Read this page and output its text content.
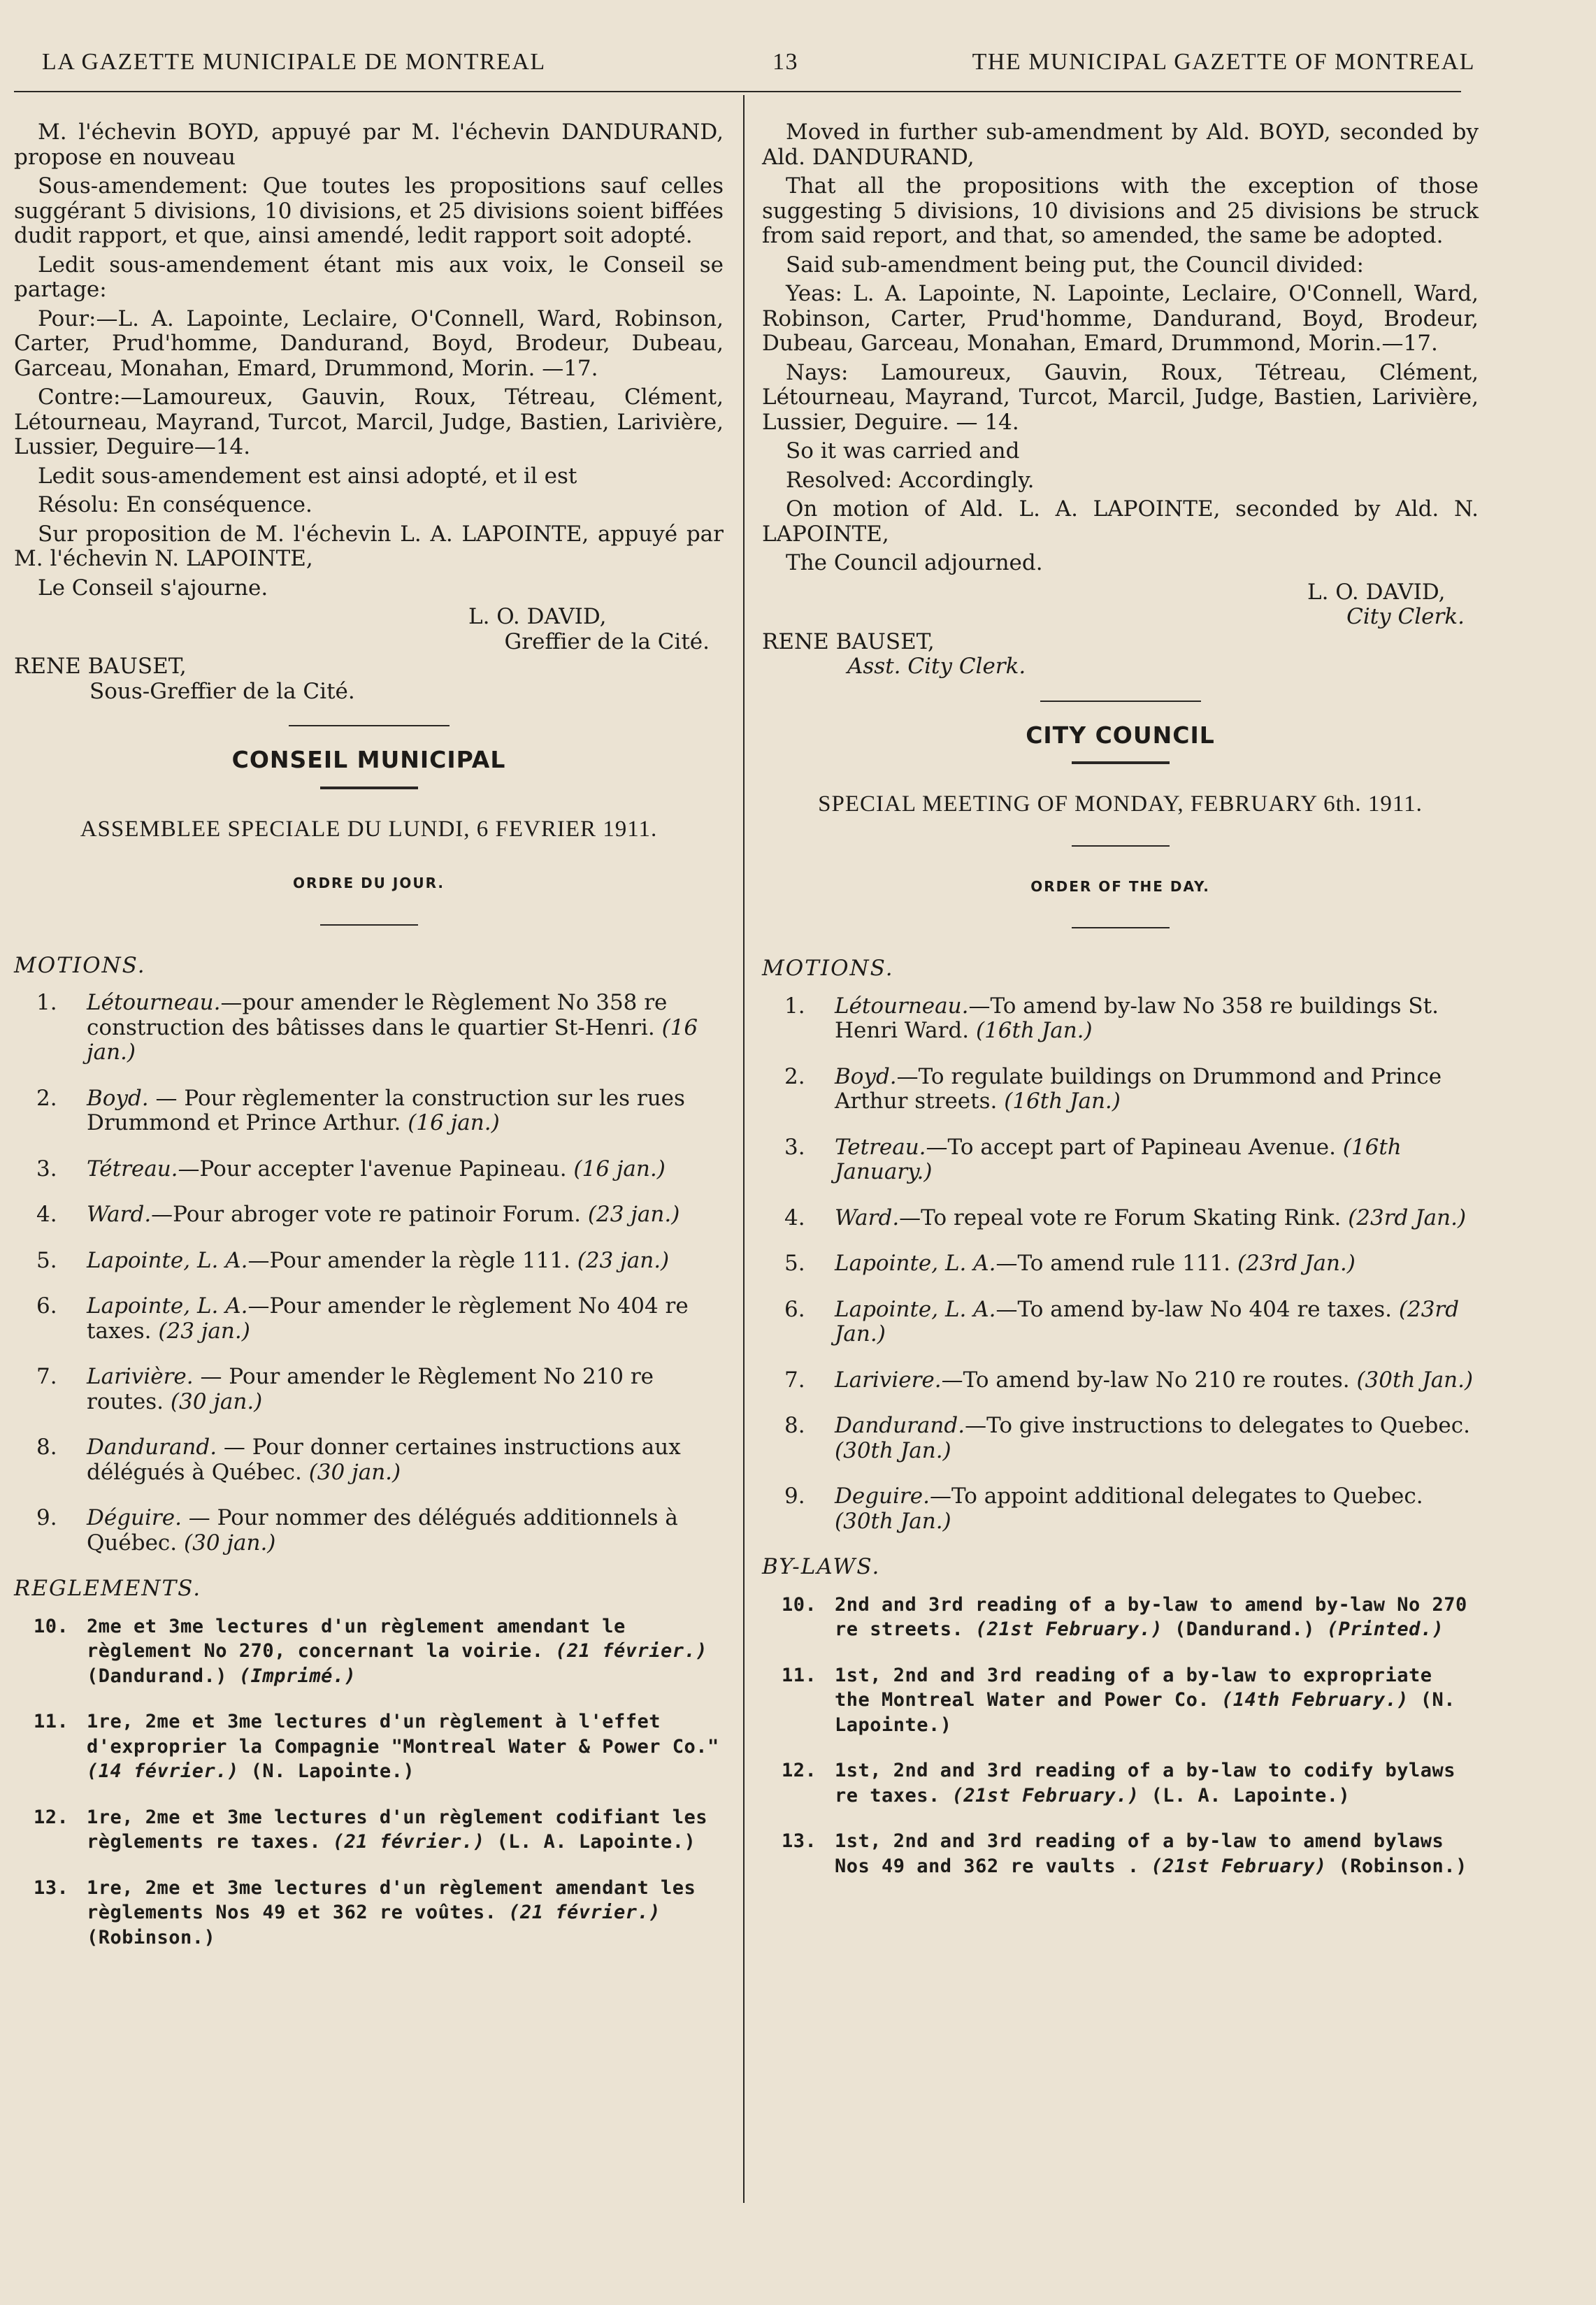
LA GAZETTE MUNICIPALE DE MONTREAL	13	THE MUNICIPAL GAZETTE OF MONTREAL

M. l'échevin BOYD, appuyé par M. l'échevin DANDURAND, propose en nouveau

Sous-amendement: Que toutes les propositions sauf celles suggérant 5 divisions, 10 divisions, et 25 divisions soient biffées dudit rapport, et que, ainsi amendé, ledit rapport soit adopté.

Ledit sous-amendement étant mis aux voix, le Conseil se partage:

Pour:—L. A. Lapointe, Leclaire, O'Connell, Ward, Robinson, Carter, Prud'homme, Dandurand, Boyd, Brodeur, Dubeau, Garceau, Monahan, Emard, Drummond, Morin. —17.

Contre:—Lamoureux, Gauvin, Roux, Tétreau, Clément, Létourneau, Mayrand, Turcot, Marcil, Judge, Bastien, Larivière, Lussier, Deguire—14.

Ledit sous-amendement est ainsi adopté, et il est

Résolu: En conséquence.

Sur proposition de M. l'échevin L. A. LAPOINTE, appuyé par M. l'échevin N. LAPOINTE,

Le Conseil s'ajourne.

L. O. DAVID,
Greffier de la Cité.
RENE BAUSET,
Sous-Greffier de la Cité.
CONSEIL MUNICIPAL
ASSEMBLEE SPECIALE DU LUNDI, 6 FEVRIER 1911.
ORDRE DU JOUR.
MOTIONS.
1. Létourneau.—pour amender le Règlement No 358 re construction des bâtisses dans le quartier St-Henri. (16 jan.)
2. Boyd. — Pour règlementer la construction sur les rues Drummond et Prince Arthur. (16 jan.)
3. Tétreau.—Pour accepter l'avenue Papineau. (16 jan.)
4. Ward.—Pour abroger vote re patinoir Forum. (23 jan.)
5. Lapointe, L. A.—Pour amender la règle 111. (23 jan.)
6. Lapointe, L. A.—Pour amender le règlement No 404 re taxes. (23 jan.)
7. Larivière. — Pour amender le Règlement No 210 re routes. (30 jan.)
8. Dandurand. — Pour donner certaines instructions aux délégués à Québec. (30 jan.)
9. Déguire. — Pour nommer des délégués additionnels à Québec. (30 jan.)
REGLEMENTS.
10. 2me et 3me lectures d'un règlement amendant le règlement No 270, concernant la voirie. (21 février.) (Dandurand.) (Imprimé.)
11. 1re, 2me et 3me lectures d'un règlement à l'effet d'exproprier la Compagnie "Montreal Water & Power Co." (14 février.) (N. Lapointe.)
12. 1re, 2me et 3me lectures d'un règlement codifiant les règlements re taxes. (21 février.) (L. A. Lapointe.)
13. 1re, 2me et 3me lectures d'un règlement amendant les règlements Nos 49 et 362 re voûtes. (21 février.) (Robinson.)

Moved in further sub-amendment by Ald. BOYD, seconded by Ald. DANDURAND,

That all the propositions with the exception of those suggesting 5 divisions, 10 divisions and 25 divisions be struck from said report, and that, so amended, the same be adopted.

Said sub-amendment being put, the Council divided:

Yeas: L. A. Lapointe, N. Lapointe, Leclaire, O'Connell, Ward, Robinson, Carter, Prud'homme, Dandurand, Boyd, Brodeur, Dubeau, Garceau, Monahan, Emard, Drummond, Morin.—17.

Nays: Lamoureux, Gauvin, Roux, Tétreau, Clément, Létourneau, Mayrand, Turcot, Marcil, Judge, Bastien, Larivière, Lussier, Deguire. — 14.

So it was carried and

Resolved: Accordingly.

On motion of Ald. L. A. LAPOINTE, seconded by Ald. N. LAPOINTE,

The Council adjourned.

L. O. DAVID,
City Clerk.
RENE BAUSET,
Asst. City Clerk.
CITY COUNCIL
SPECIAL MEETING OF MONDAY, FEBRUARY 6th. 1911.
ORDER OF THE DAY.
MOTIONS.
1. Létourneau.—To amend by-law No 358 re buildings St. Henri Ward. (16th Jan.)
2. Boyd.—To regulate buildings on Drummond and Prince Arthur streets. (16th Jan.)
3. Tetreau.—To accept part of Papineau Avenue. (16th January.)
4. Ward.—To repeal vote re Forum Skating Rink. (23rd Jan.)
5. Lapointe, L. A.—To amend rule 111. (23rd Jan.)
6. Lapointe, L. A.—To amend by-law No 404 re taxes. (23rd Jan.)
7. Lariviere.—To amend by-law No 210 re routes. (30th Jan.)
8. Dandurand.—To give instructions to delegates to Quebec. (30th Jan.)
9. Deguire.—To appoint additional delegates to Quebec. (30th Jan.)
BY-LAWS.
10. 2nd and 3rd reading of a by-law to amend by-law No 270 re streets. (21st February.) (Dandurand.) (Printed.)
11. 1st, 2nd and 3rd reading of a by-law to expropriate the Montreal Water and Power Co. (14th February.) (N. Lapointe.)
12. 1st, 2nd and 3rd reading of a by-law to codify bylaws re taxes. (21st February.) (L. A. Lapointe.)
13. 1st, 2nd and 3rd reading of a by-law to amend bylaws Nos 49 and 362 re vaults . (21st February) (Robinson.)
